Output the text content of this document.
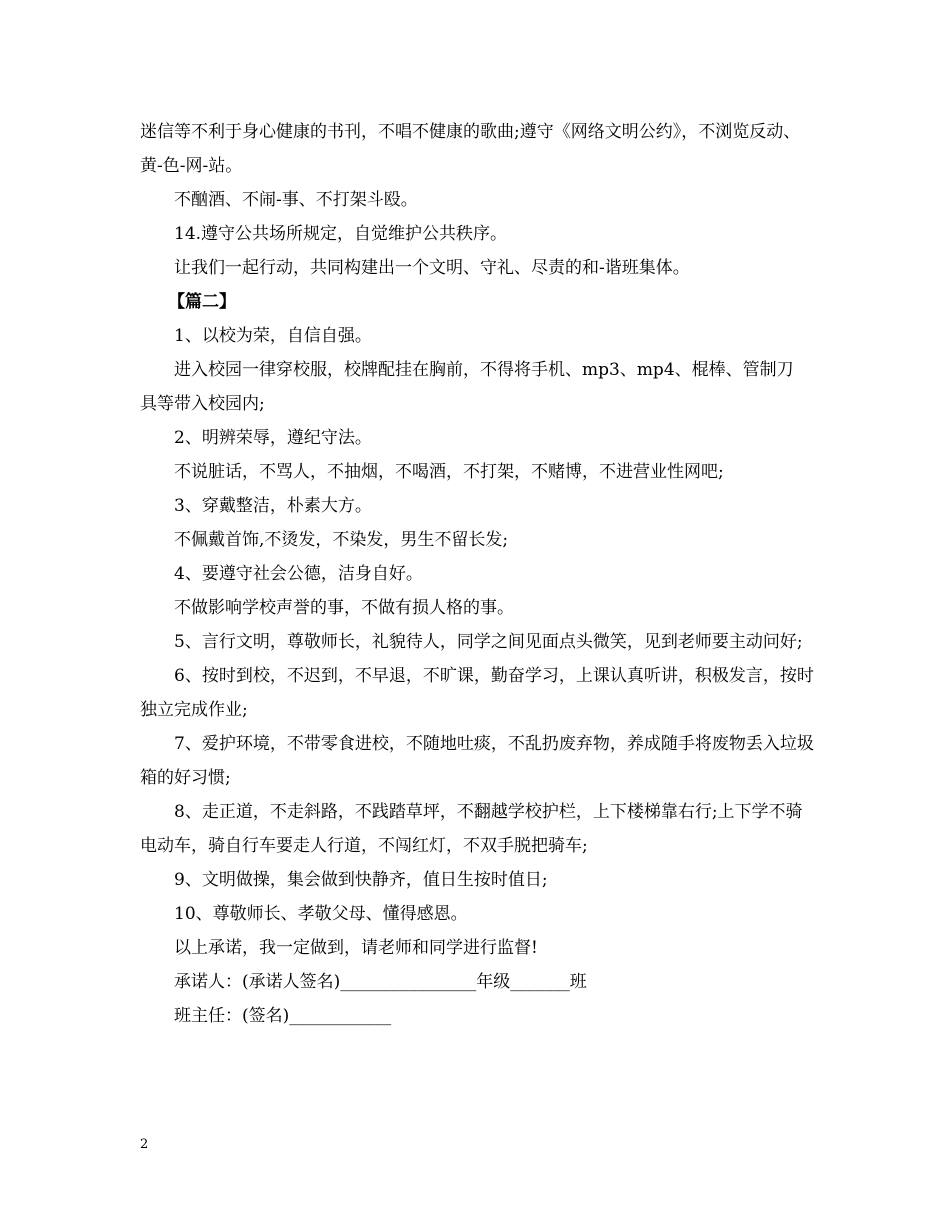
迷信等不利于身心健康的书刊，不唱不健康的歌曲;遵守《网络文明公约》，不浏览反动、黄-色-网-站。

不酗酒、不闹-事、不打架斗殴。

14.遵守公共场所规定，自觉维护公共秩序。

让我们一起行动，共同构建出一个文明、守礼、尽责的和-谐班集体。

【篇二】

1、以校为荣，自信自强。

进入校园一律穿校服，校牌配挂在胸前，不得将手机、mp3、mp4、棍棒、管制刀 具等带入校园内;

2、明辨荣辱，遵纪守法。

不说脏话，不骂人，不抽烟，不喝酒，不打架，不赌博，不进营业性网吧;

3、穿戴整洁，朴素大方。

不佩戴首饰,不烫发，不染发，男生不留长发;

4、要遵守社会公德，洁身自好。

不做影响学校声誉的事，不做有损人格的事。

5、言行文明，尊敬师长，礼貌待人，同学之间见面点头微笑，见到老师要主动问好;

6、按时到校，不迟到，不早退，不旷课，勤奋学习，上课认真听讲，积极发言，按时独立完成作业;

7、爱护环境，不带零食进校，不随地吐痰，不乱扔废弃物，养成随手将废物丢入垃圾箱的好习惯;

8、走正道，不走斜路，不践踏草坪，不翻越学校护栏，上下楼梯靠右行;上下学不骑电动车，骑自行车要走人行道，不闯红灯，不双手脱把骑车;

9、文明做操，集会做到快静齐，值日生按时值日;

10、尊敬师长、孝敬父母、懂得感恩。

以上承诺，我一定做到，请老师和同学进行监督!

承诺人：(承诺人签名)________________年级_______班

班主任：(签名)____________

2
